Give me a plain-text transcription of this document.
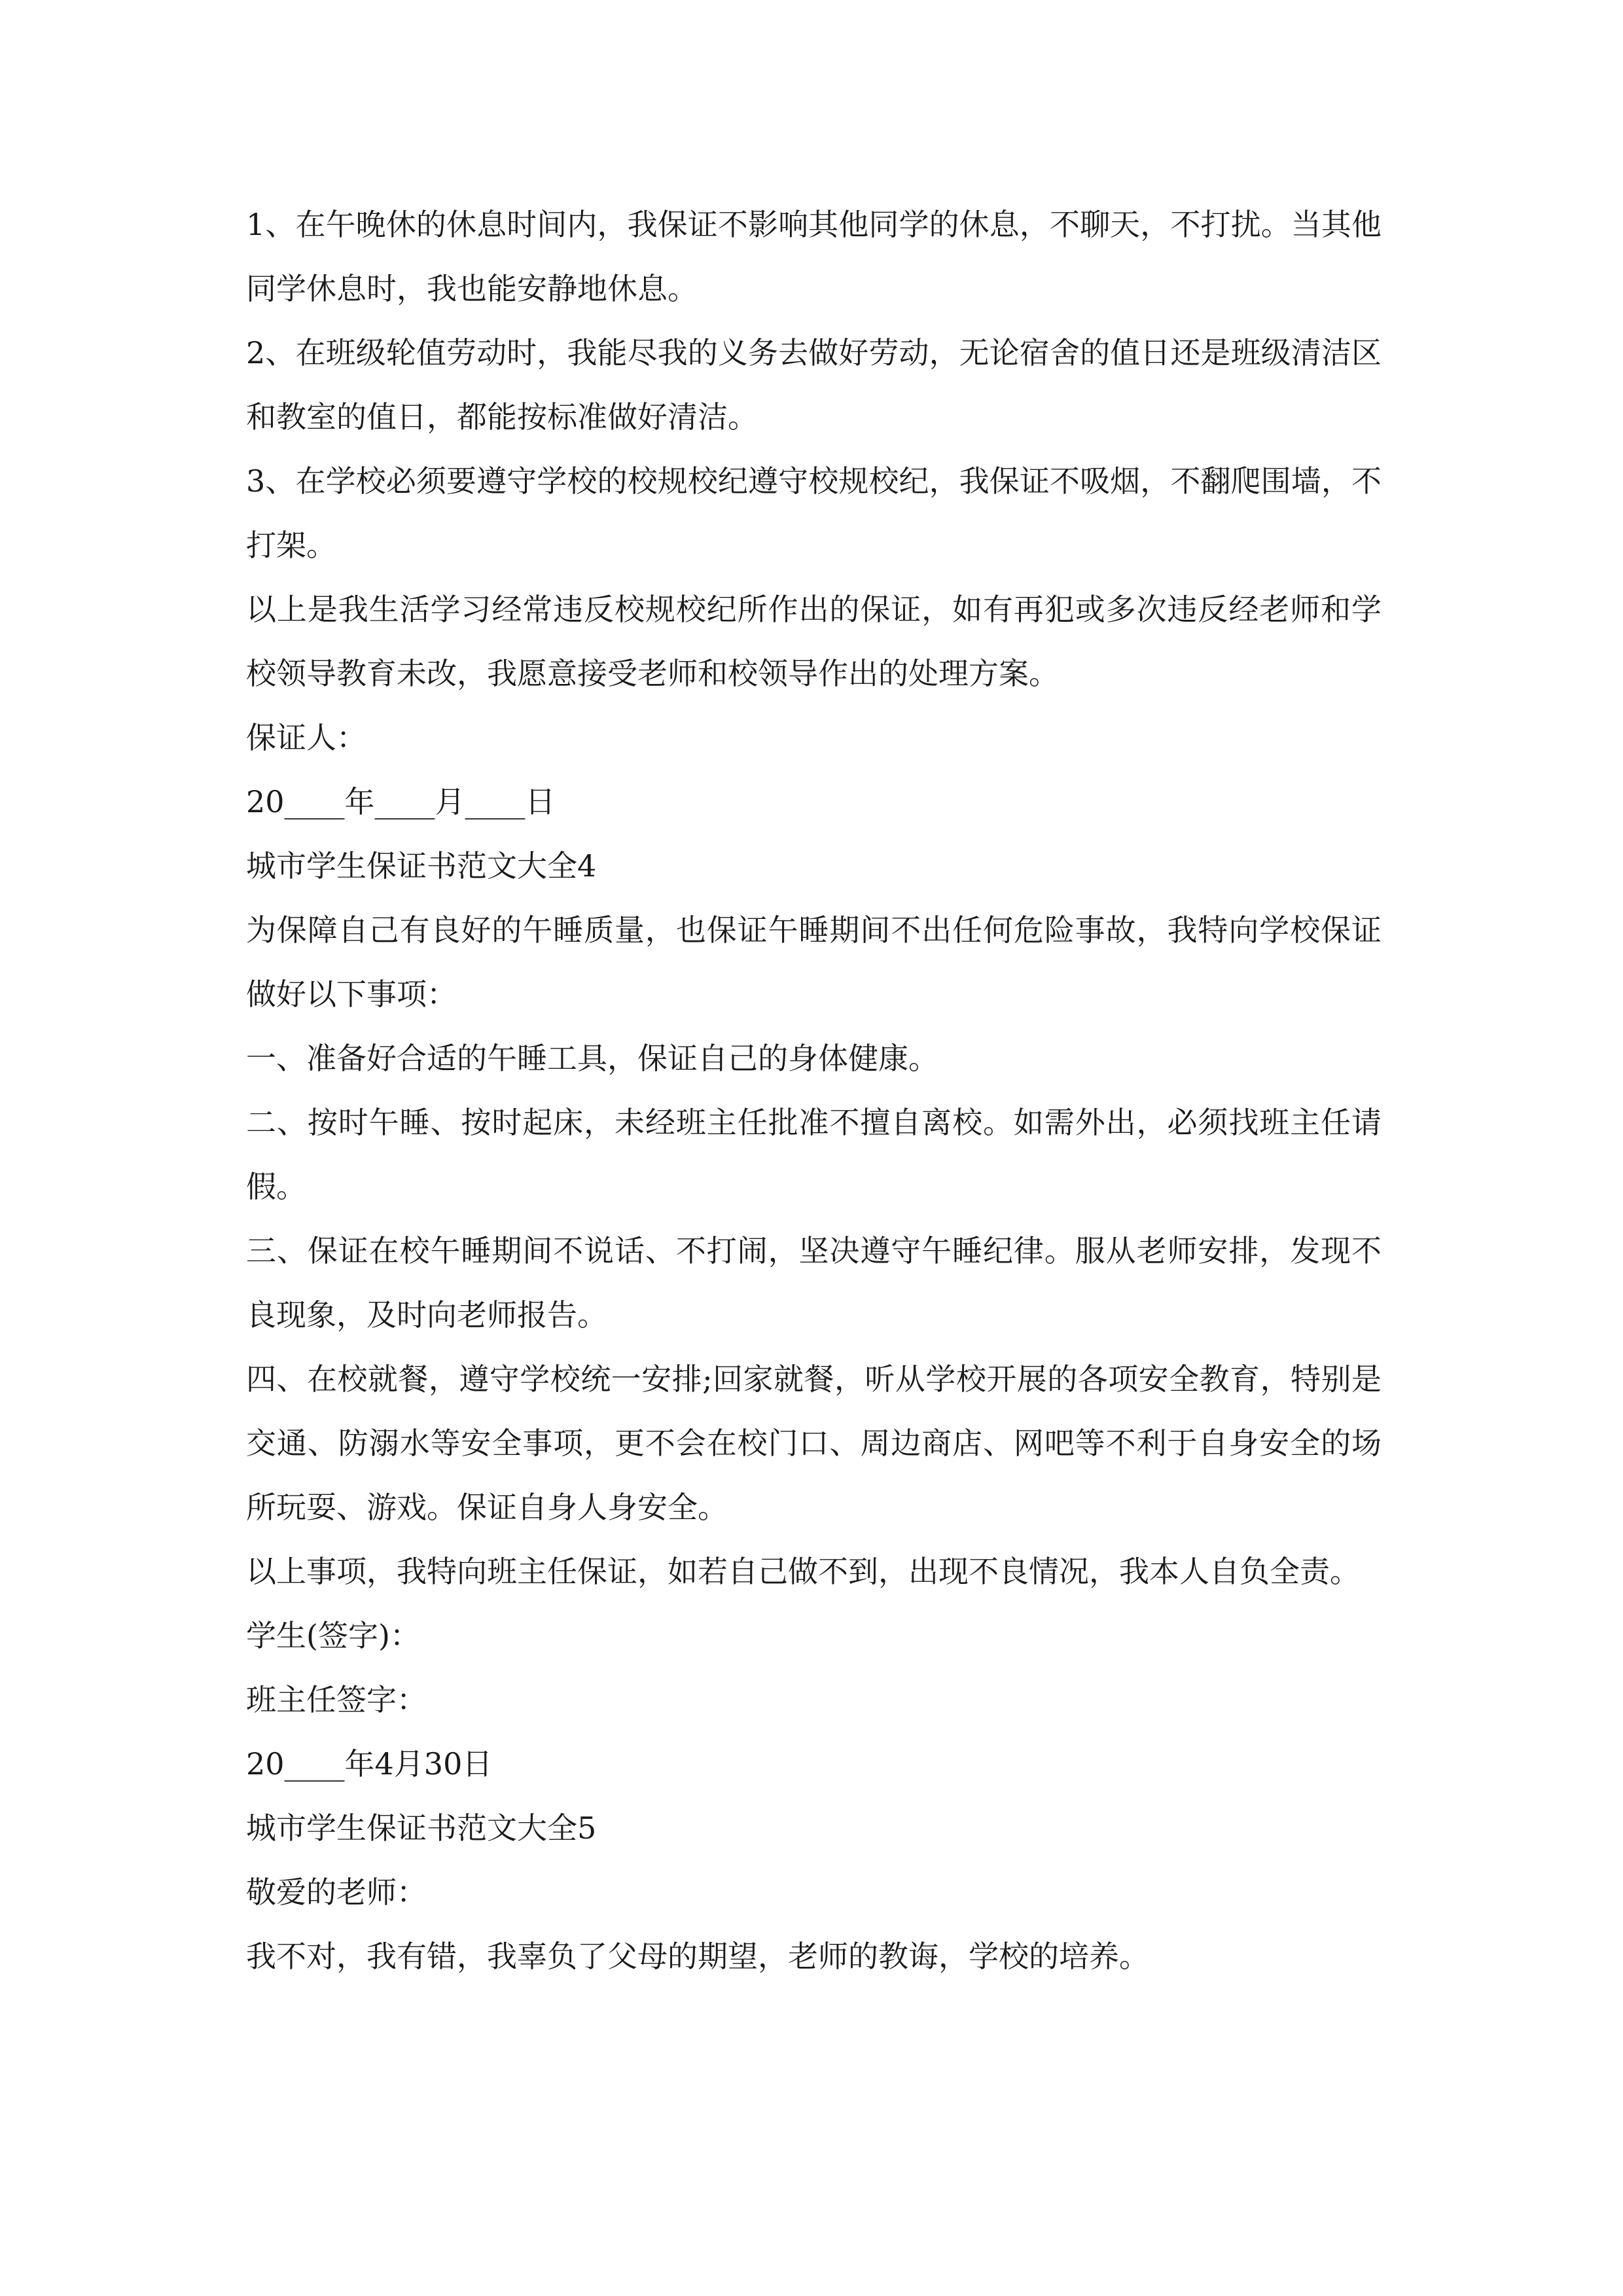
1、在午晚休的休息时间内，我保证不影响其他同学的休息，不聊天，不打扰。当其他同学休息时，我也能安静地休息。

2、在班级轮值劳动时，我能尽我的义务去做好劳动，无论宿舍的值日还是班级清洁区和教室的值日，都能按标准做好清洁。

3、在学校必须要遵守学校的校规校纪遵守校规校纪，我保证不吸烟，不翻爬围墙，不打架。

以上是我生活学习经常违反校规校纪所作出的保证，如有再犯或多次违反经老师和学校领导教育未改，我愿意接受老师和校领导作出的处理方案。

保证人：

20____年____月____日

城市学生保证书范文大全4

为保障自己有良好的午睡质量，也保证午睡期间不出任何危险事故，我特向学校保证做好以下事项：

一、准备好合适的午睡工具，保证自己的身体健康。

二、按时午睡、按时起床，未经班主任批准不擅自离校。如需外出，必须找班主任请假。

三、保证在校午睡期间不说话、不打闹，坚决遵守午睡纪律。服从老师安排，发现不良现象，及时向老师报告。

四、在校就餐，遵守学校统一安排;回家就餐，听从学校开展的各项安全教育，特别是交通、防溺水等安全事项，更不会在校门口、周边商店、网吧等不利于自身安全的场所玩耍、游戏。保证自身人身安全。

以上事项，我特向班主任保证，如若自己做不到，出现不良情况，我本人自负全责。

学生(签字)：

班主任签字：

20____年4月30日

城市学生保证书范文大全5

敬爱的老师：

我不对，我有错，我辜负了父母的期望，老师的教诲，学校的培养。
